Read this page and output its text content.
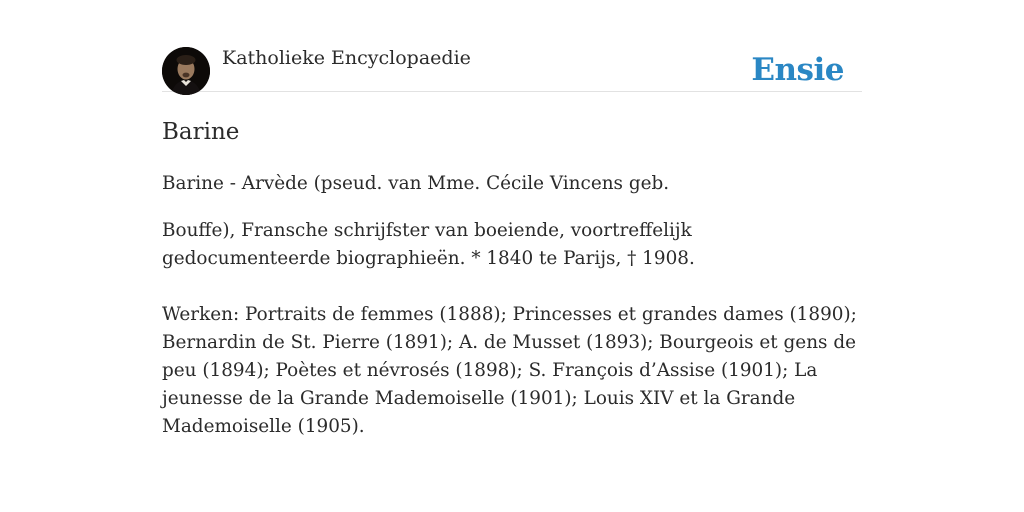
Katholieke Encyclopaedie	Ensie
Barine

Barine - Arvède (pseud. van Mme. Cécile Vincens geb.

Bouffe), Fransche schrijfster van boeiende, voortreffelijk gedocumenteerde biographieën. * 1840 te Parijs, † 1908.

Werken: Portraits de femmes (1888); Princesses et grandes dames (1890); Bernardin de St. Pierre (1891); A. de Musset (1893); Bourgeois et gens de peu (1894); Poètes et névrosés (1898); S. François d’Assise (1901); La jeunesse de la Grande Mademoiselle (1901); Louis XIV et la Grande Mademoiselle (1905).
